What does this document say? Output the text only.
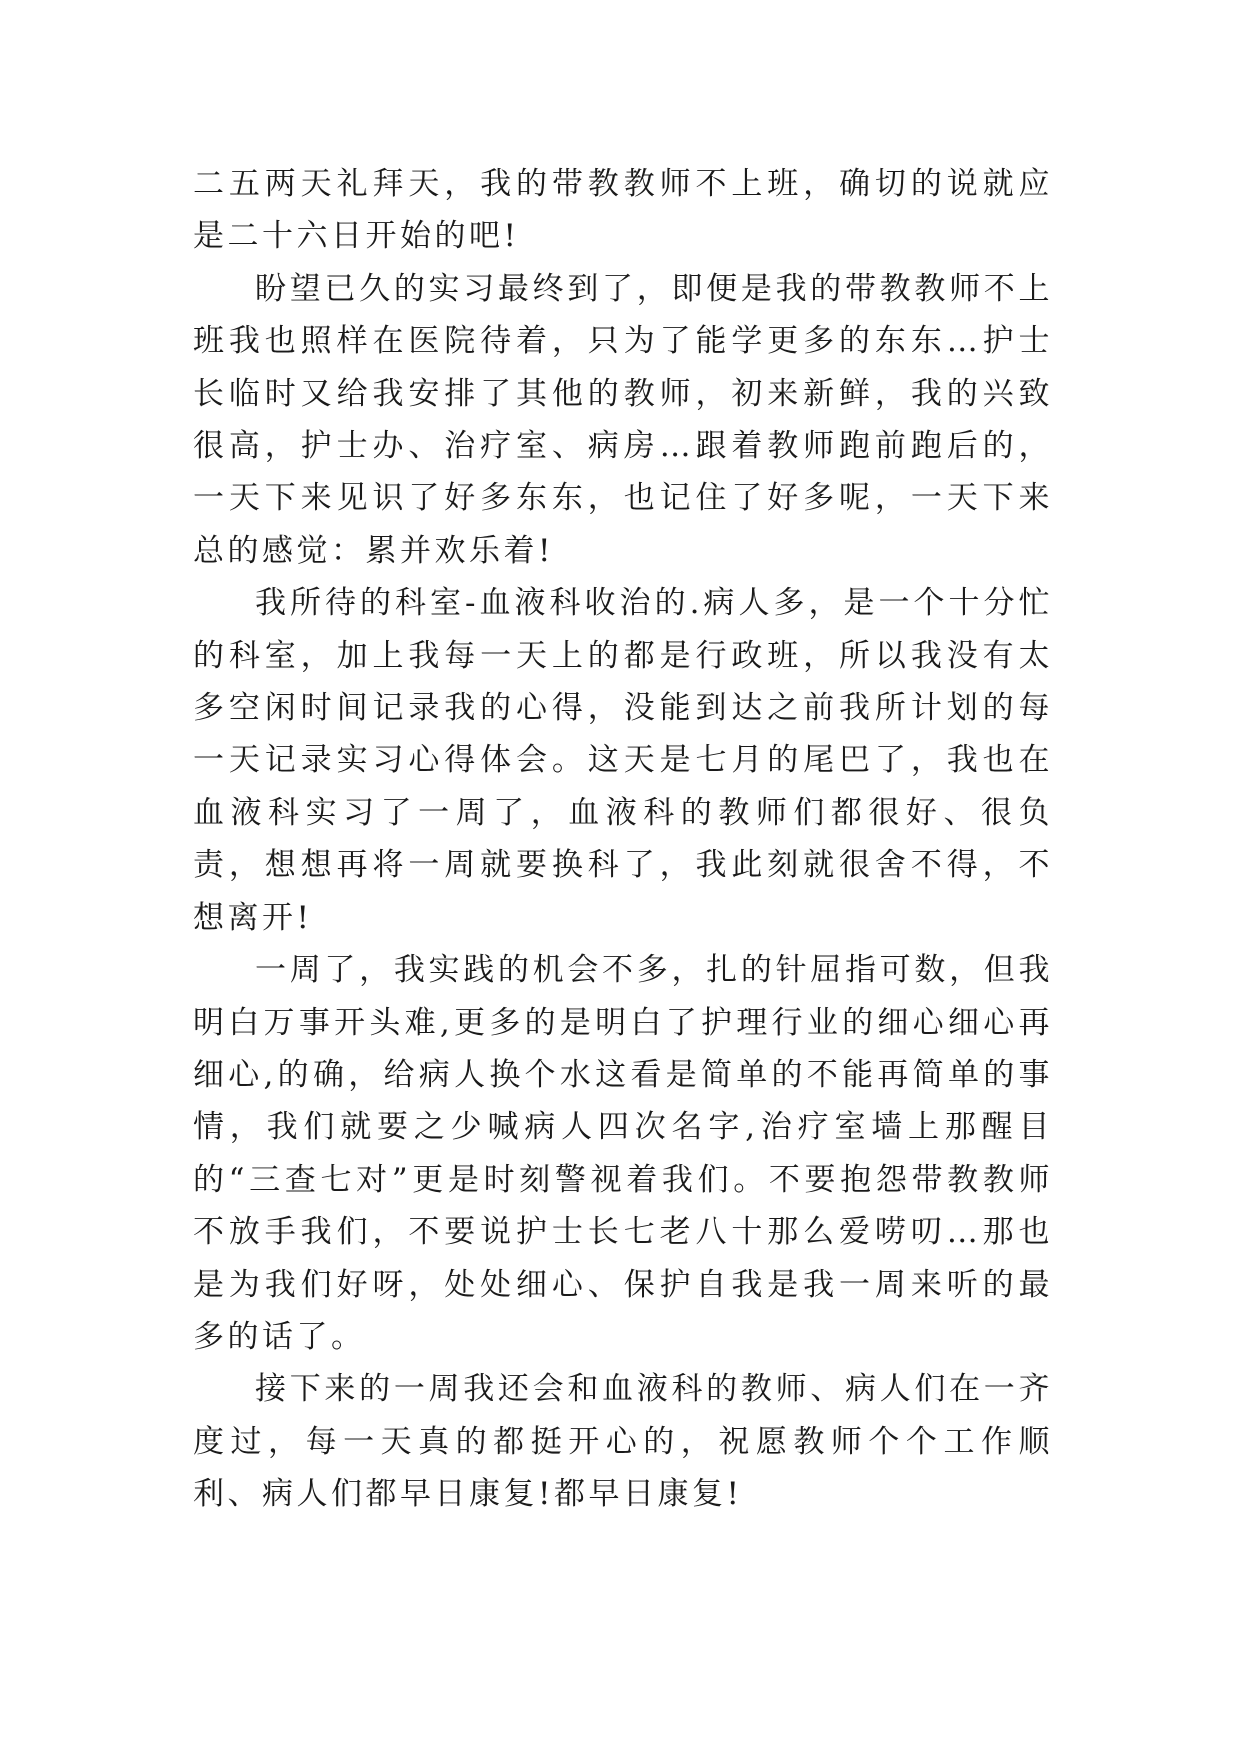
二五两天礼拜天，我的带教教师不上班，确切的说就应是二十六日开始的吧!

盼望已久的实习最终到了，即便是我的带教教师不上班我也照样在医院待着，只为了能学更多的东东…护士长临时又给我安排了其他的教师，初来新鲜，我的兴致很高，护士办、治疗室、病房…跟着教师跑前跑后的，一天下来见识了好多东东，也记住了好多呢，一天下来总的感觉：累并欢乐着!

我所待的科室-血液科收治的.病人多，是一个十分忙的科室，加上我每一天上的都是行政班，所以我没有太多空闲时间记录我的心得，没能到达之前我所计划的每一天记录实习心得体会。这天是七月的尾巴了，我也在血液科实习了一周了，血液科的教师们都很好、很负责，想想再将一周就要换科了，我此刻就很舍不得，不想离开!

一周了，我实践的机会不多，扎的针屈指可数，但我明白万事开头难,更多的是明白了护理行业的细心细心再细心,的确，给病人换个水这看是简单的不能再简单的事情，我们就要之少喊病人四次名字,治疗室墙上那醒目的“三查七对”更是时刻警视着我们。不要抱怨带教教师不放手我们，不要说护士长七老八十那么爱唠叨…那也是为我们好呀，处处细心、保护自我是我一周来听的最多的话了。

接下来的一周我还会和血液科的教师、病人们在一齐度过，每一天真的都挺开心的，祝愿教师个个工作顺利、病人们都早日康复!都早日康复!
